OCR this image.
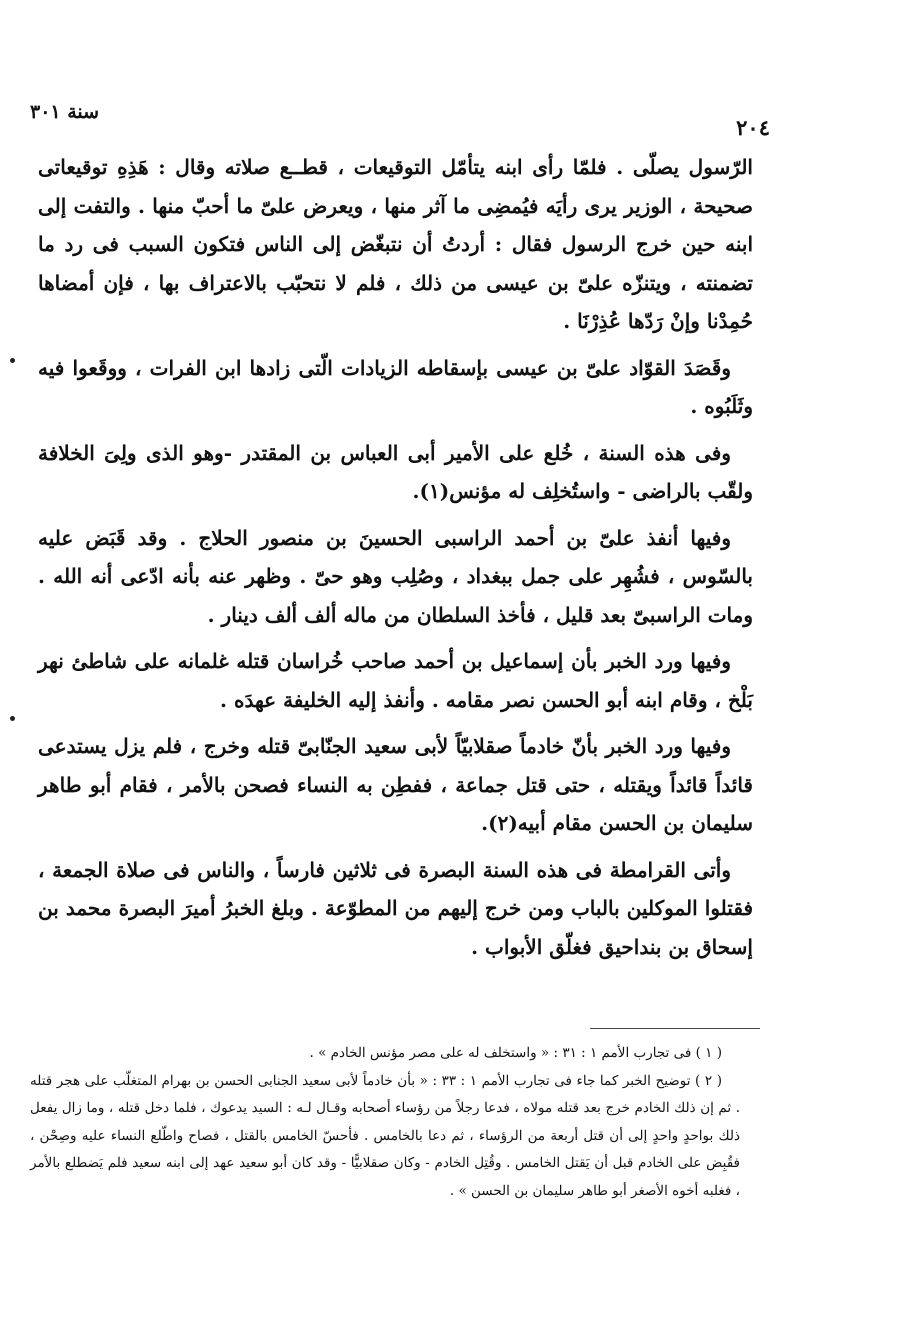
سنة ٣٠١
٢٠٤

الرّسول يصلّى . فلمّا رأى ابنه يتأمّل التوقيعات ، قطــع صلاته وقال : هَذِهِ توقيعاتى صحيحة ، الوزير يرى رأيَه فيُمضِى ما آثر منها ، ويعرض علىّ ما أحبّ منها . والتفت إلى ابنه حين خرج الرسول فقال : أردتُ أن نتبغّض إلى الناس فتكون السبب فى رد ما تضمنته ، ويتنزّه علىّ بن عيسى من ذلك ، فلم لا نتحبّب بالاعتراف بها ، فإن أمضاها حُمِدْنا وإنْ رَدّها عُذِرْنَا .

وقَصَدَ القوّاد علىّ بن عيسى بإسقاطه الزيادات الّتى زادها ابن الفرات ، ووقَعوا فيه وثَلَبُوه .

وفى هذه السنة ، خُلع على الأمير أبى العباس بن المقتدر -وهو الذى ولِىَ الخلافة ولقّب بالراضى - واستُخلِف له مؤنس(١).

وفيها أنفذ علىّ بن أحمد الراسبى الحسينَ بن منصور الحلاج . وقد قَبَض عليه بالسّوس ، فشُهِر على جمل ببغداد ، وصُلِب وهو حىّ . وظهر عنه بأنه ادّعى أنه الله . ومات الراسبىّ بعد قليل ، فأخذ السلطان من ماله ألف ألف دينار .

وفيها ورد الخبر بأن إسماعيل بن أحمد صاحب خُراسان قتله غلمانه على شاطئ نهر بَلْخ ، وقام ابنه أبو الحسن نصر مقامه . وأنفذ إليه الخليفة عهدَه .

وفيها ورد الخبر بأنّ خادماً صقلابيّاً لأبى سعيد الجنّابىّ قتله وخرج ، فلم يزل يستدعى قائداً قائداً ويقتله ، حتى قتل جماعة ، ففطِن به النساء فصحن بالأمر ، فقام أبو طاهر سليمان بن الحسن مقام أبيه(٢).

وأتى القرامطة فى هذه السنة البصرة فى ثلاثين فارساً ، والناس فى صلاة الجمعة ، فقتلوا الموكلين بالباب ومن خرج إليهم من المطوّعة . وبلغ الخبرُ أميرَ البصرة محمد بن إسحاق بن بنداحيق فغلّق الأبواب .

( ١ ) فى تجارب الأمم ١ : ٣١ : « واستخلف له على مصر مؤنس الخادم » .

( ٢ ) توضيح الخبر كما جاء فى تجارب الأمم ١ : ٣٣ : « بأن خادماً لأبى سعيد الجنابى الحسن بن بهرام المتغلّب على هجر قتله . ثم إن ذلك الخادم خرج بعد قتله مولاه ، فدعا رجلاً من رؤساء أصحابه وقـال لـه : السيد يدعوك ، فلما دخل قتله ، وما زال يفعل ذلك بواحدٍ واحدٍ إلى أن قتل أربعة من الرؤساء ، ثم دعا بالخامس . فأحسّ الخامس بالقتل ، فصاح واطّلع النساء عليه وصِحْن ، فقُبِض على الخادم قبل أن يَقتل الخامس . وقُتِل الخادم - وكان صقلابيًّا - وقد كان أبو سعيد عهد إلى ابنه سعيد فلم يَضطلع بالأمر ، فغلبه أخوه الأصغر أبو طاهر سليمان بن الحسن » .
